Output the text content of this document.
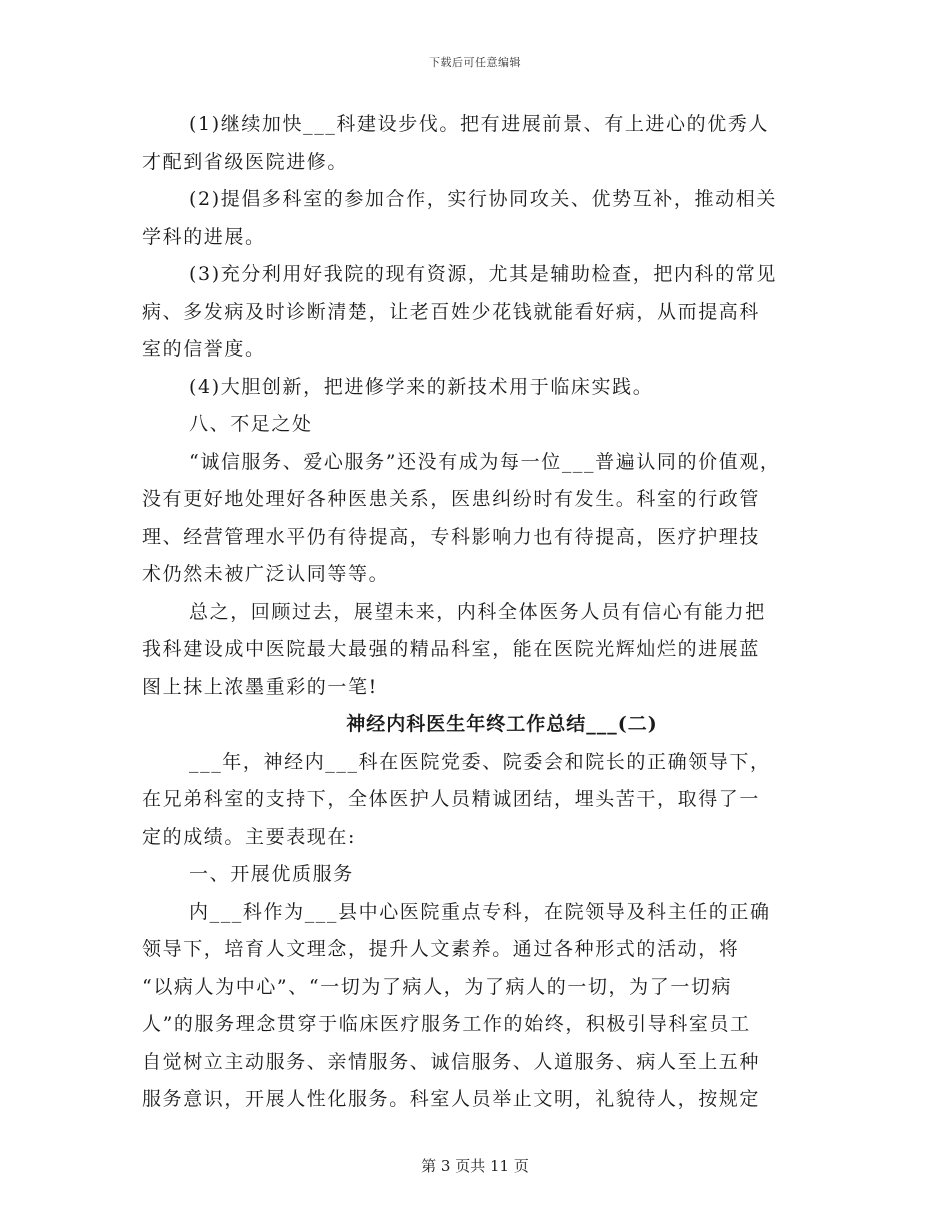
下载后可任意编辑
(1)继续加快___科建设步伐。把有进展前景、有上进心的优秀人
才配到省级医院进修。
(2)提倡多科室的参加合作，实行协同攻关、优势互补，推动相关
学科的进展。
(3)充分利用好我院的现有资源，尤其是辅助检查，把内科的常见
病、多发病及时诊断清楚，让老百姓少花钱就能看好病，从而提高科
室的信誉度。
(4)大胆创新，把进修学来的新技术用于临床实践。
八、不足之处
“诚信服务、爱心服务”还没有成为每一位___普遍认同的价值观，
没有更好地处理好各种医患关系，医患纠纷时有发生。科室的行政管
理、经营管理水平仍有待提高，专科影响力也有待提高，医疗护理技
术仍然未被广泛认同等等。
总之，回顾过去，展望未来，内科全体医务人员有信心有能力把
我科建设成中医院最大最强的精品科室，能在医院光辉灿烂的进展蓝
图上抹上浓墨重彩的一笔!
神经内科医生年终工作总结___(二)
___年，神经内___科在医院党委、院委会和院长的正确领导下，
在兄弟科室的支持下，全体医护人员精诚团结，埋头苦干，取得了一
定的成绩。主要表现在:
一、开展优质服务
内___科作为___县中心医院重点专科，在院领导及科主任的正确
领导下，培育人文理念，提升人文素养。通过各种形式的活动，将
“以病人为中心”、“一切为了病人，为了病人的一切，为了一切病
人”的服务理念贯穿于临床医疗服务工作的始终，积极引导科室员工
自觉树立主动服务、亲情服务、诚信服务、人道服务、病人至上五种
服务意识，开展人性化服务。科室人员举止文明，礼貌待人，按规定
第 3 页共 11 页
